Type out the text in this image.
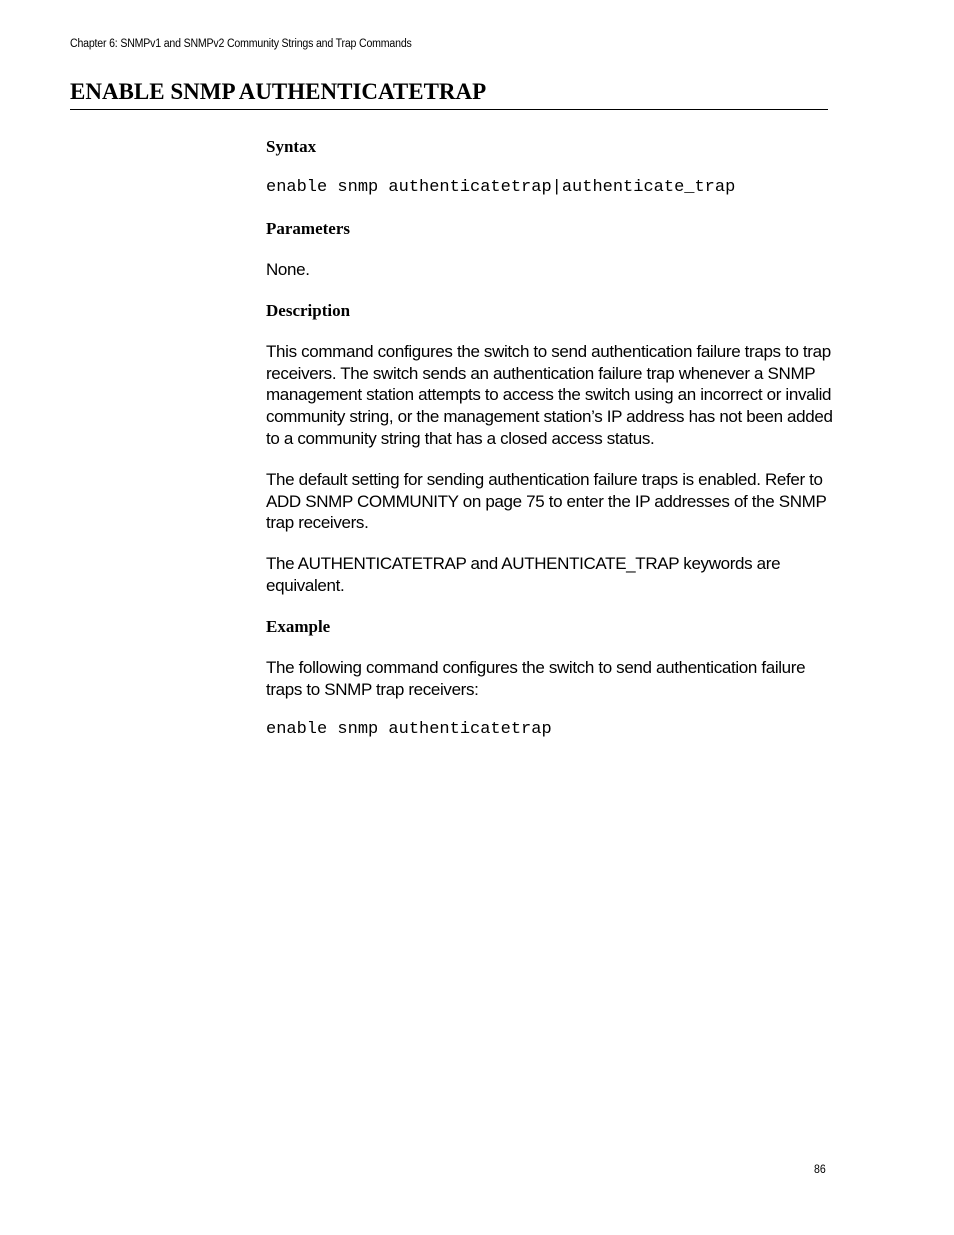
Chapter 6: SNMPv1 and SNMPv2 Community Strings and Trap Commands
ENABLE SNMP AUTHENTICATETRAP
Syntax
enable snmp authenticatetrap|authenticate_trap
Parameters

None.

Description

This command configures the switch to send authentication failure traps to trap receivers. The switch sends an authentication failure trap whenever a SNMP management station attempts to access the switch using an incorrect or invalid community string, or the management station’s IP address has not been added to a community string that has a closed access status.

The default setting for sending authentication failure traps is enabled. Refer to ADD SNMP COMMUNITY on page 75 to enter the IP addresses of the SNMP trap receivers.

The AUTHENTICATETRAP and AUTHENTICATE_TRAP keywords are equivalent.

Example

The following command configures the switch to send authentication failure traps to SNMP trap receivers:

enable snmp authenticatetrap
86
